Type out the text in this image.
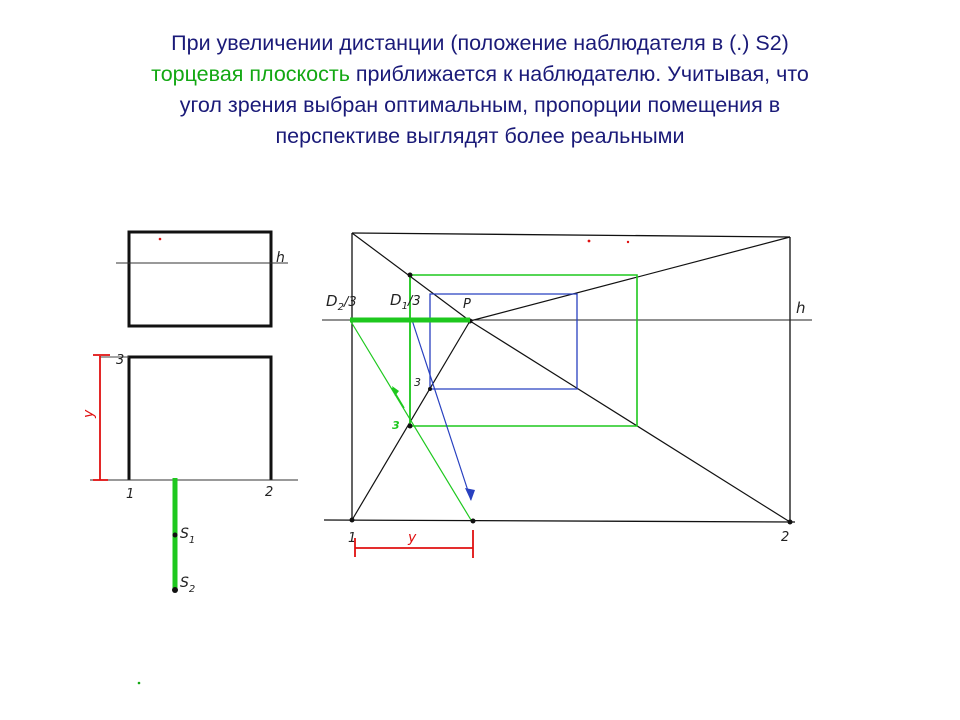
При увеличении дистанции (положение наблюдателя в (.) S2)
торцевая плоскость приближается к наблюдателю. Учитывая, что
угол зрения выбран оптимальным, пропорции помещения в
перспективе выглядят более реальными
h
3
1	2
y
$S_1$
$S_2$
h
P
$D_2/3$ $D_1/3$
3
3
1	2
y
